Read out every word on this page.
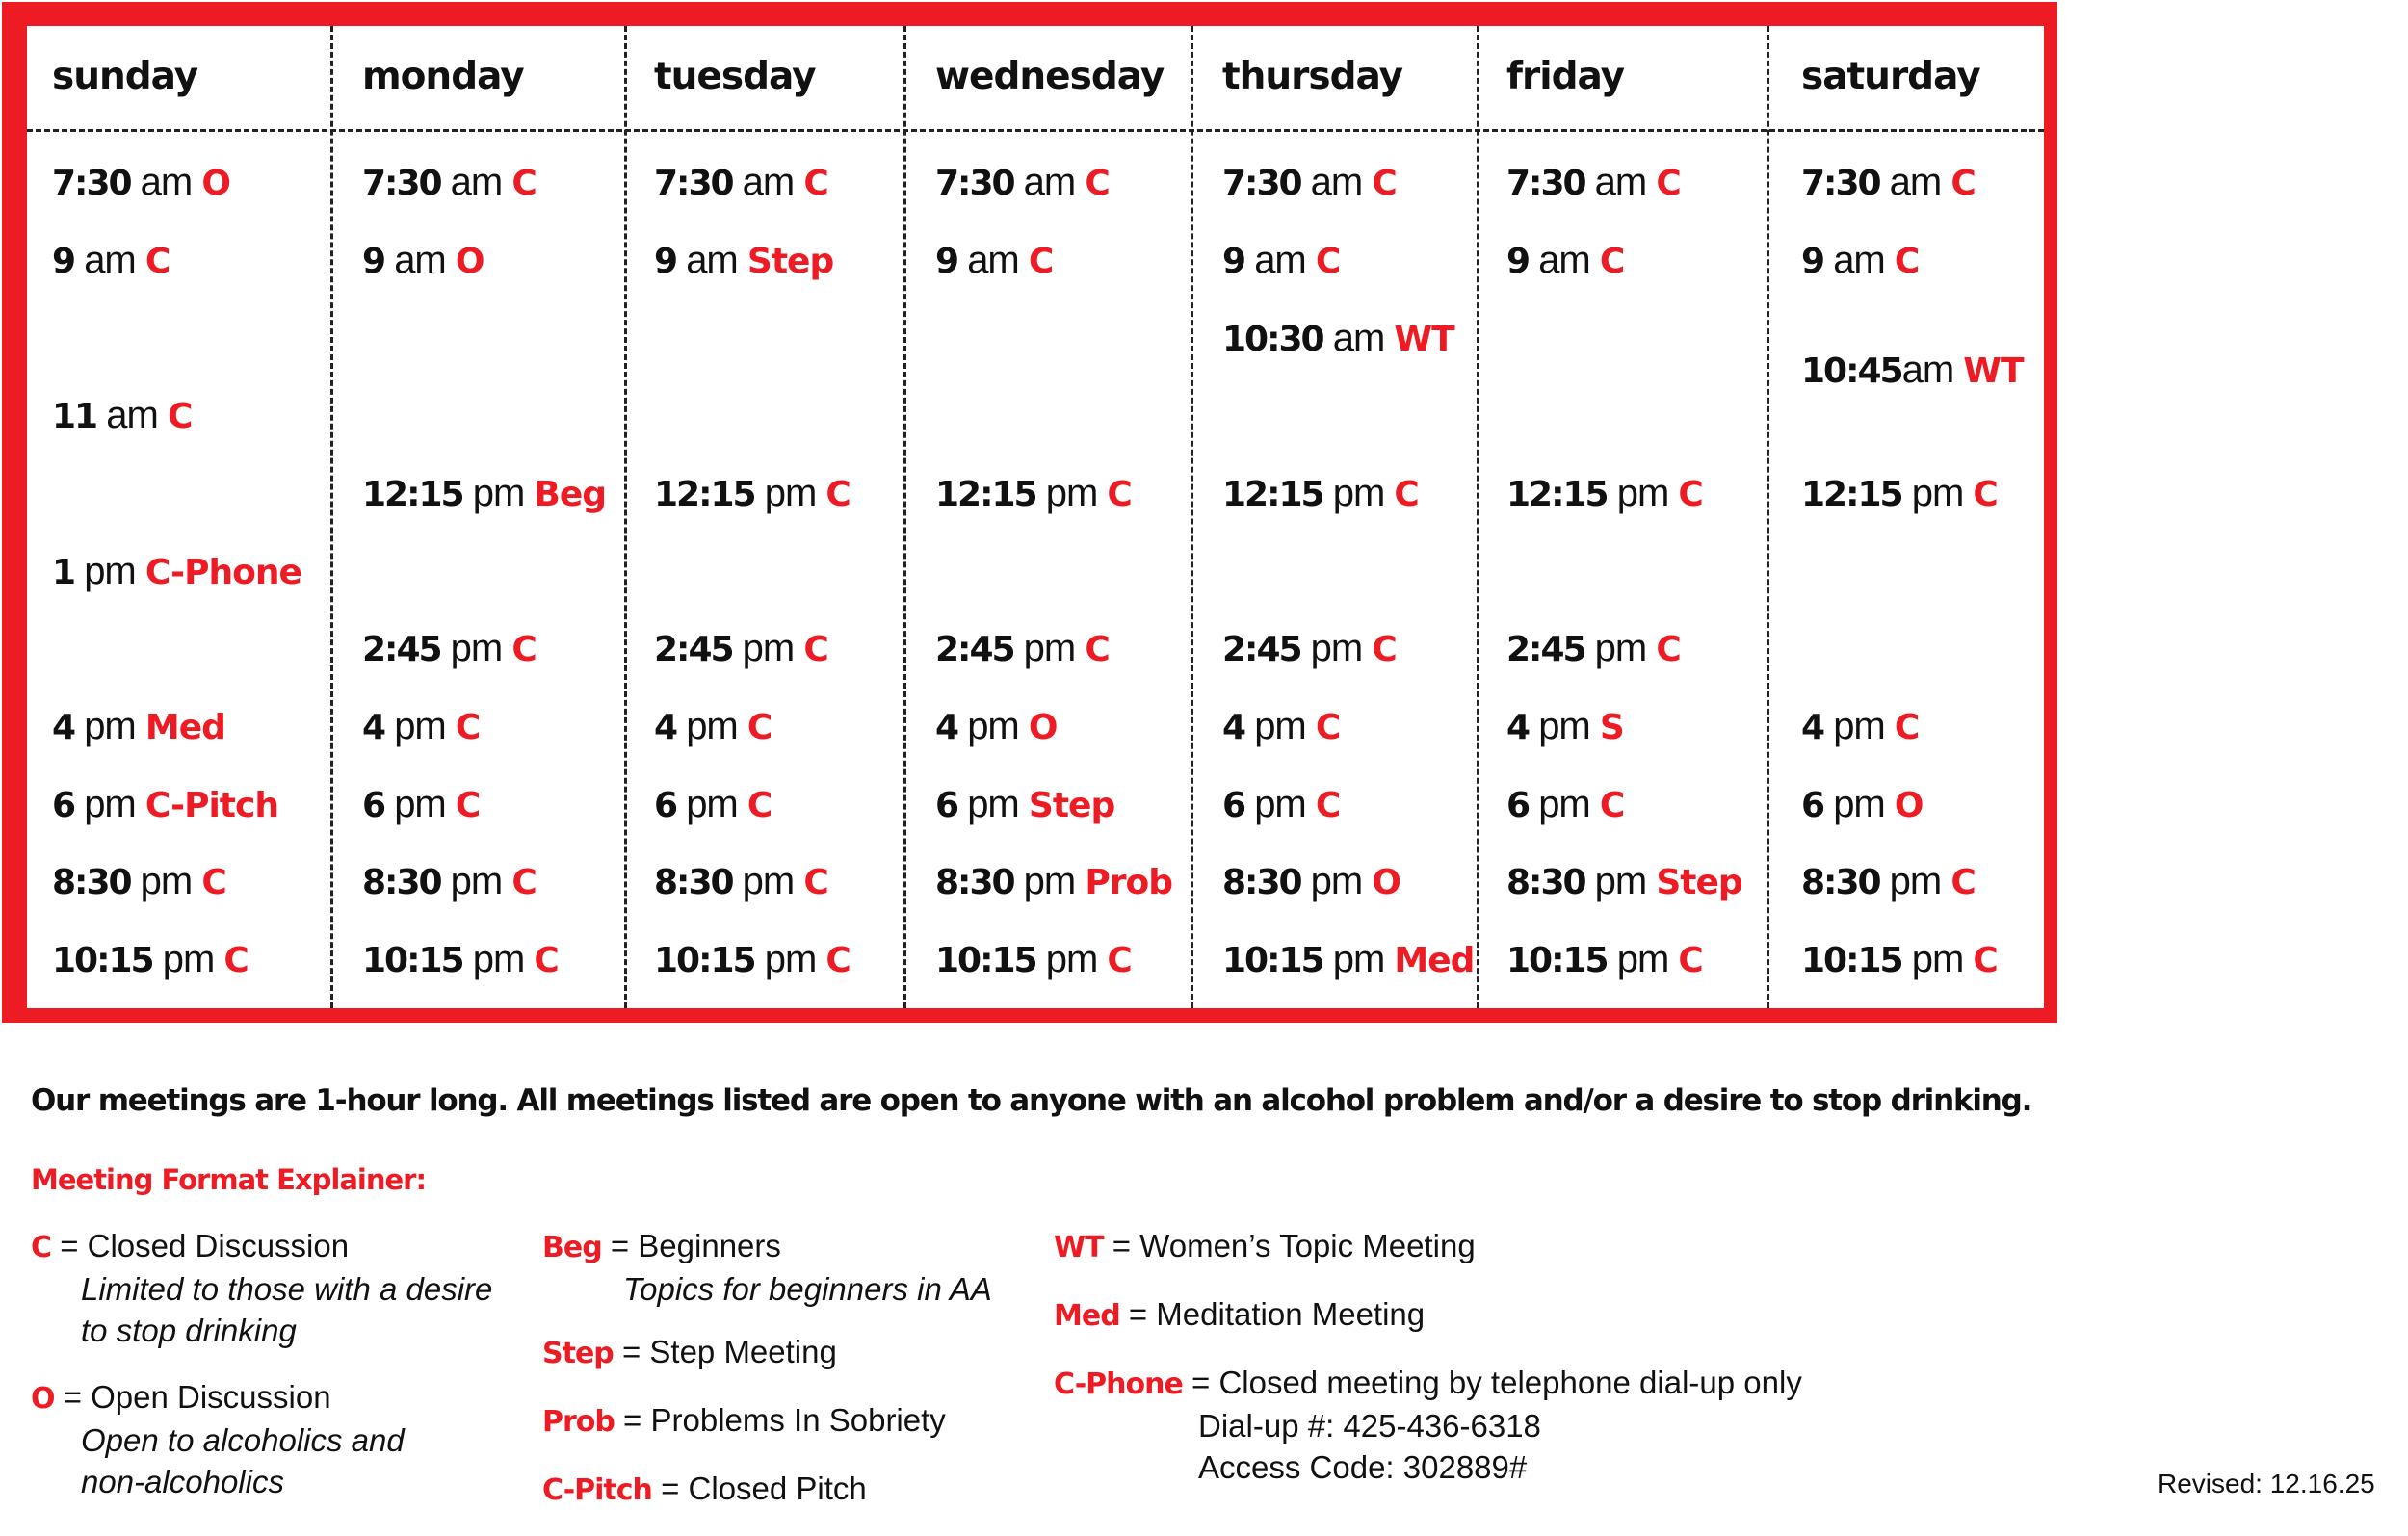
sunday
7:30 am O
9 am C
11 am C
1 pm C-Phone
4 pm Med
6 pm C-Pitch
8:30 pm C
10:15 pm C
monday
7:30 am C
9 am O
12:15 pm Beg
2:45 pm C
4 pm C
6 pm C
8:30 pm C
10:15 pm C
tuesday
7:30 am C
9 am Step
12:15 pm C
2:45 pm C
4 pm C
6 pm C
8:30 pm C
10:15 pm C
wednesday
7:30 am C
9 am C
12:15 pm C
2:45 pm C
4 pm O
6 pm Step
8:30 pm Prob
10:15 pm C
thursday
7:30 am C
9 am C
10:30 am WT
12:15 pm C
2:45 pm C
4 pm C
6 pm C
8:30 pm O
10:15 pm Med
friday
7:30 am C
9 am C
12:15 pm C
2:45 pm C
4 pm S
6 pm C
8:30 pm Step
10:15 pm C
saturday
7:30 am C
9 am C
10:45am WT
12:15 pm C
4 pm C
6 pm O
8:30 pm C
10:15 pm C
Our meetings are 1-hour long. All meetings listed are open to anyone with an alcohol problem and/or a desire to stop drinking.
Meeting Format Explainer:
C = Closed Discussion
Limited to those with a desire
to stop drinking
O = Open Discussion
Open to alcoholics and
non-alcoholics
Beg = Beginners
Topics for beginners in AA
Step = Step Meeting
Prob = Problems In Sobriety
C-Pitch = Closed Pitch
WT = Women’s Topic Meeting
Med = Meditation Meeting
C-Phone = Closed meeting by telephone dial-up only
Dial-up #: 425-436-6318
Access Code: 302889#	Revised: 12.16.25
